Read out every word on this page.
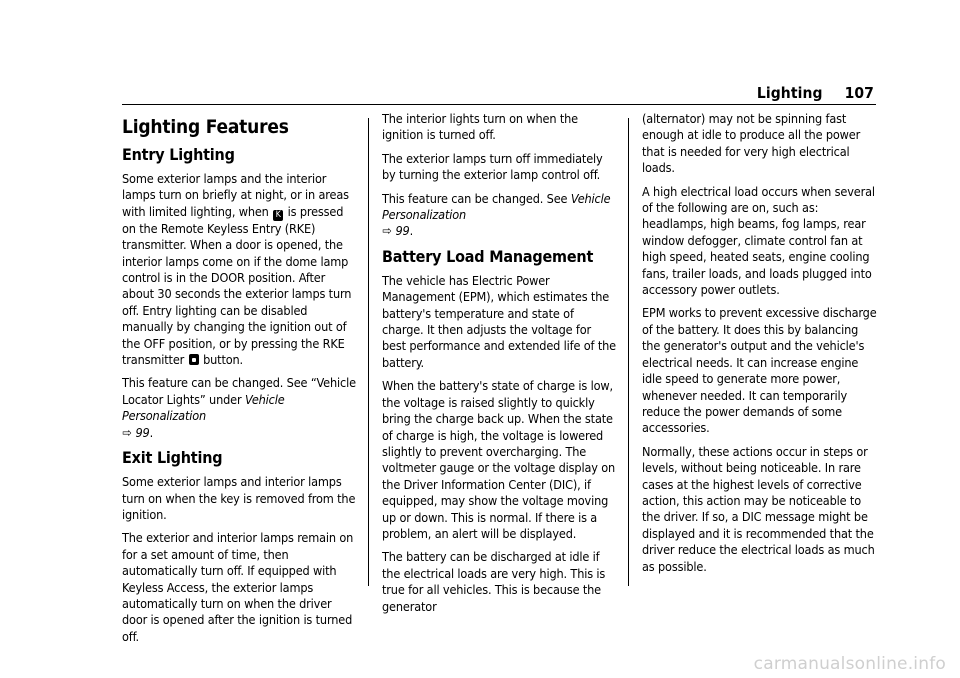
Lighting 107
Lighting Features
Entry Lighting

Some exterior lamps and the interior lamps turn on briefly at night, or in areas with limited lighting, when K is pressed on the Remote Keyless Entry (RKE) transmitter. When a door is opened, the interior lamps come on if the dome lamp control is in the DOOR position. After about 30 seconds the exterior lamps turn off. Entry lighting can be disabled manually by changing the ignition out of the OFF position, or by pressing the RKE transmitter  button.

This feature can be changed. See “Vehicle Locator Lights” under Vehicle Personalization
⇨ 99.

Exit Lighting

Some exterior lamps and interior lamps turn on when the key is removed from the ignition.

The exterior and interior lamps remain on for a set amount of time, then automatically turn off. If equipped with Keyless Access, the exterior lamps automatically turn on when the driver door is opened after the ignition is turned off.

The interior lights turn on when the ignition is turned off.

The exterior lamps turn off immediately by turning the exterior lamp control off.

This feature can be changed. See Vehicle Personalization
⇨ 99.

Battery Load Management

The vehicle has Electric Power Management (EPM), which estimates the battery's temperature and state of charge. It then adjusts the voltage for best performance and extended life of the battery.

When the battery's state of charge is low, the voltage is raised slightly to quickly bring the charge back up. When the state of charge is high, the voltage is lowered slightly to prevent overcharging. The voltmeter gauge or the voltage display on the Driver Information Center (DIC), if equipped, may show the voltage moving up or down. This is normal. If there is a problem, an alert will be displayed.

The battery can be discharged at idle if the electrical loads are very high. This is true for all vehicles. This is because the generator

(alternator) may not be spinning fast enough at idle to produce all the power that is needed for very high electrical loads.

A high electrical load occurs when several of the following are on, such as: headlamps, high beams, fog lamps, rear window defogger, climate control fan at high speed, heated seats, engine cooling fans, trailer loads, and loads plugged into accessory power outlets.

EPM works to prevent excessive discharge of the battery. It does this by balancing the generator's output and the vehicle's electrical needs. It can increase engine idle speed to generate more power, whenever needed. It can temporarily reduce the power demands of some accessories.

Normally, these actions occur in steps or levels, without being noticeable. In rare cases at the highest levels of corrective action, this action may be noticeable to the driver. If so, a DIC message might be displayed and it is recommended that the driver reduce the electrical loads as much as possible.

carmanualsonline.info
